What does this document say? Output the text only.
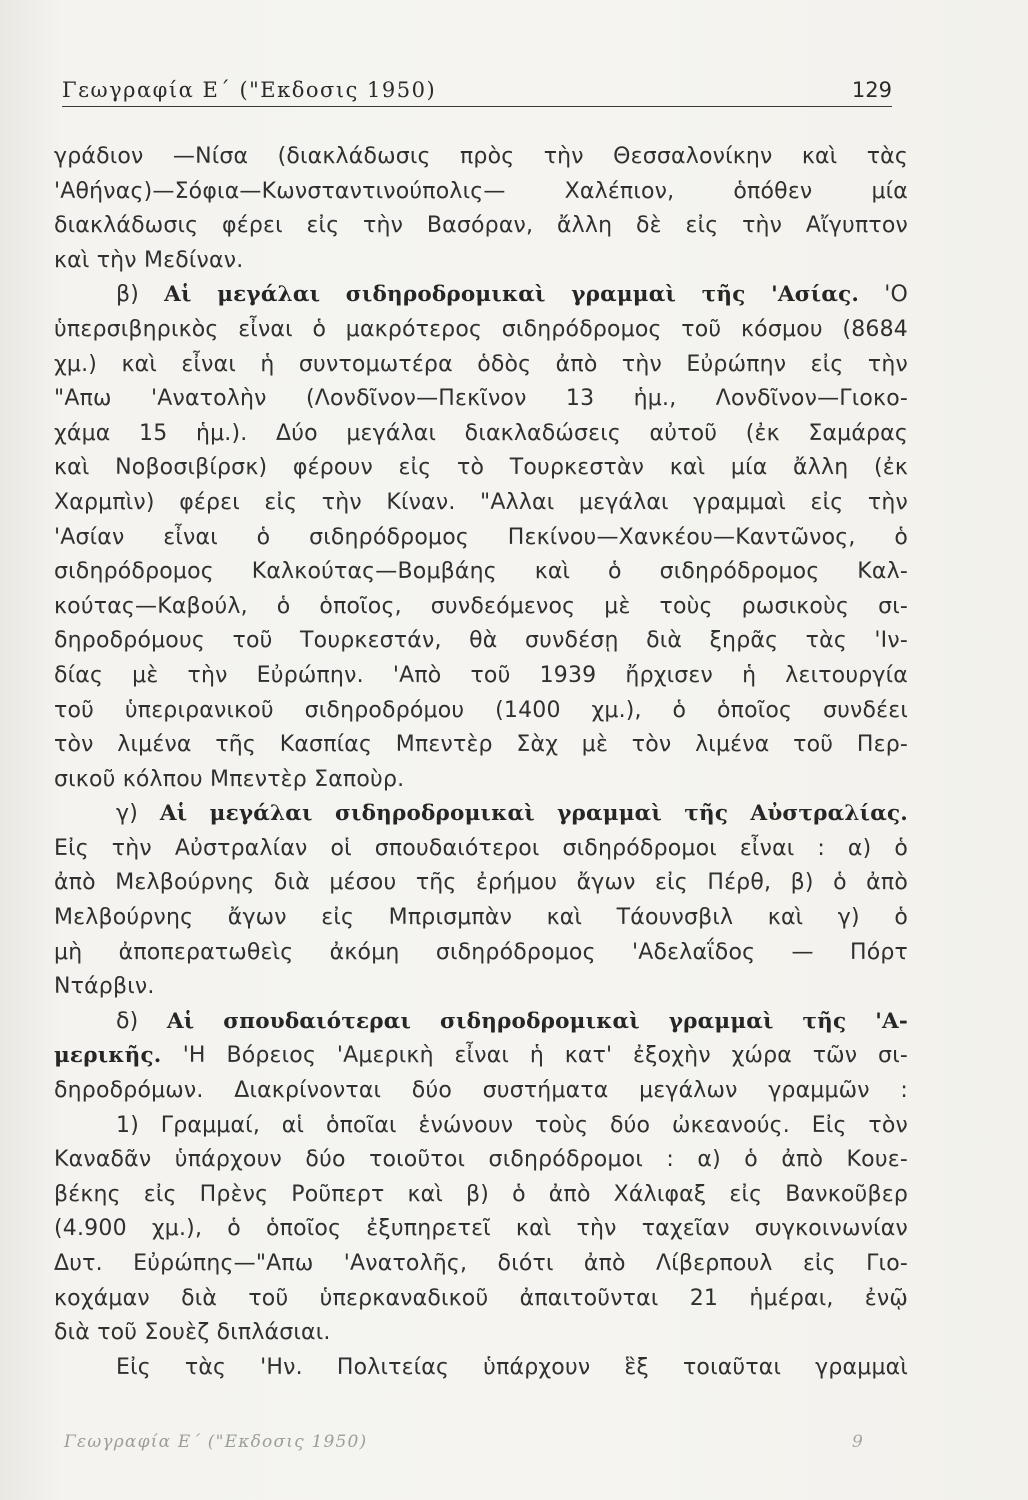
Γεωγραφία Ε΄ ("Εκδοσις 1950)	129
γράδιον —Νίσα (διακλάδωσις πρὸς τὴν Θεσσαλονίκην καὶ τὰς
'Αθήνας)—Σόφια—Κωνσταντινούπολις— Χαλέπιον, ὁπόθεν μία
διακλάδωσις φέρει εἰς τὴν Βασόραν, ἄλλη δὲ εἰς τὴν Αἴγυπτον
καὶ τὴν Μεδίναν.
β) Αἱ μεγάλαι σιδηροδρομικαὶ γραμμαὶ τῆς 'Ασίας. 'Ο
ὑπερσιβηρικὸς εἶναι ὁ μακρότερος σιδηρόδρομος τοῦ κόσμου (8684
χμ.) καὶ εἶναι ἡ συντομωτέρα ὁδὸς ἀπὸ τὴν Εὐρώπην εἰς τὴν
"Απω 'Ανατολὴν (Λονδῖνον—Πεκῖνον 13 ἡμ., Λονδῖνον—Γιοκο-
χάμα 15 ἡμ.). Δύο μεγάλαι διακλαδώσεις αὐτοῦ (ἐκ Σαμάρας
καὶ Νοβοσιβίρσκ) φέρουν εἰς τὸ Τουρκεστὰν καὶ μία ἄλλη (ἐκ
Χαρμπὶν) φέρει εἰς τὴν Κίναν. "Αλλαι μεγάλαι γραμμαὶ εἰς τὴν
'Ασίαν εἶναι ὁ σιδηρόδρομος Πεκίνου—Χανκέου—Καντῶνος, ὁ
σιδηρόδρομος Καλκούτας—Βομβάης καὶ ὁ σιδηρόδρομος Καλ-
κούτας—Καβούλ, ὁ ὁποῖος, συνδεόμενος μὲ τοὺς ρωσικοὺς σι-
δηροδρόμους τοῦ Τουρκεστάν, θὰ συνδέσῃ διὰ ξηρᾶς τὰς 'Ιν-
δίας μὲ τὴν Εὐρώπην. 'Απὸ τοῦ 1939 ἤρχισεν ἡ λειτουργία
τοῦ ὑπεριρανικοῦ σιδηροδρόμου (1400 χμ.), ὁ ὁποῖος συνδέει
τὸν λιμένα τῆς Κασπίας Μπεντὲρ Σὰχ μὲ τὸν λιμένα τοῦ Περ-
σικοῦ κόλπου Μπεντὲρ Σαποὺρ.
γ) Αἱ μεγάλαι σιδηροδρομικαὶ γραμμαὶ τῆς Αὐστραλίας.
Εἰς τὴν Αὐστραλίαν οἱ σπουδαιότεροι σιδηρόδρομοι εἶναι : α) ὁ
ἀπὸ Μελβούρνης διὰ μέσου τῆς ἐρήμου ἄγων εἰς Πέρθ, β) ὁ ἀπὸ
Μελβούρνης ἄγων εἰς Μπρισμπὰν καὶ Τάουνσβιλ καὶ γ) ὁ
μὴ ἀποπερατωθεὶς ἀκόμη σιδηρόδρομος 'Αδελαΐδος — Πόρτ
Ντάρβιν.
δ) Αἱ σπουδαιότεραι σιδηροδρομικαὶ γραμμαὶ τῆς 'Α-
μερικῆς. 'Η Βόρειος 'Αμερικὴ εἶναι ἡ κατ' ἐξοχὴν χώρα τῶν σι-
δηροδρόμων. Διακρίνονται δύο συστήματα μεγάλων γραμμῶν :
1) Γραμμαί, αἱ ὁποῖαι ἑνώνουν τοὺς δύο ὠκεανούς. Εἰς τὸν
Καναδᾶν ὑπάρχουν δύο τοιοῦτοι σιδηρόδρομοι : α) ὁ ἀπὸ Κουε-
βέκης εἰς Πρὲνς Ροῦπερτ καὶ β) ὁ ἀπὸ Χάλιφαξ εἰς Βανκοῦβερ
(4.900 χμ.), ὁ ὁποῖος ἐξυπηρετεῖ καὶ τὴν ταχεῖαν συγκοινωνίαν
Δυτ. Εὐρώπης—"Απω 'Ανατολῆς, διότι ἀπὸ Λίβερπουλ εἰς Γιο-
κοχάμαν διὰ τοῦ ὑπερκαναδικοῦ ἀπαιτοῦνται 21 ἡμέραι, ἐνῷ
διὰ τοῦ Σουὲζ διπλάσιαι.
Εἰς τὰς 'Ην. Πολιτείας ὑπάρχουν ἓξ τοιαῦται γραμμαὶ
Γεωγραφία Ε΄ ("Εκδοσις 1950)	9
